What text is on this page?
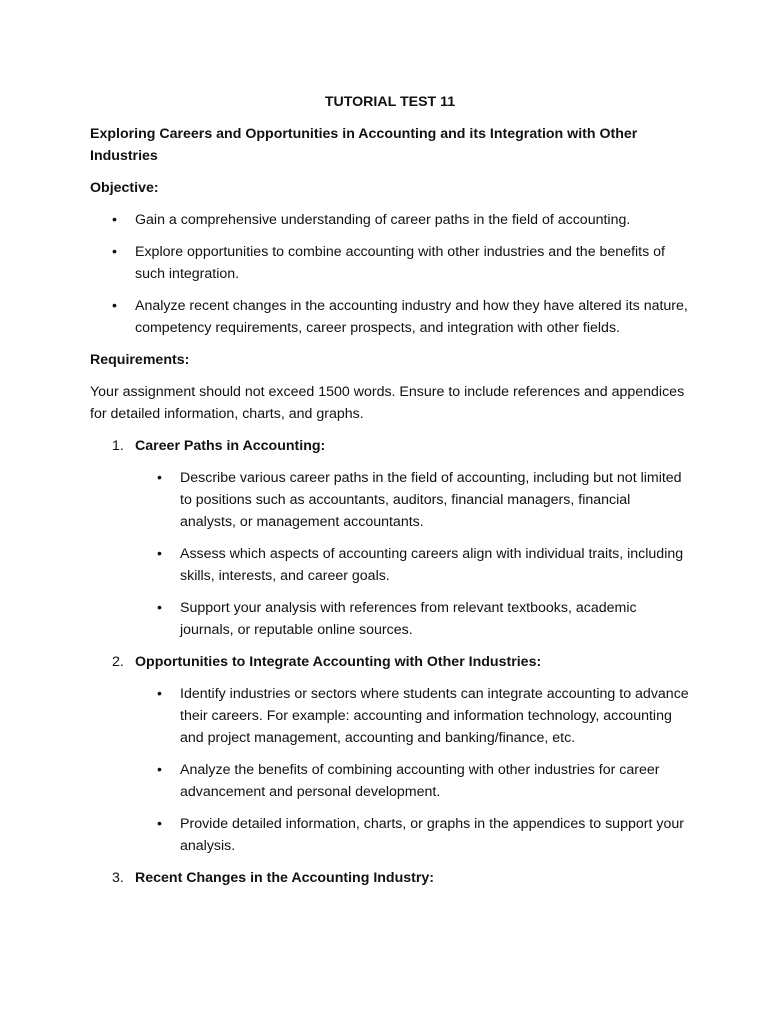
TUTORIAL TEST 11
Exploring Careers and Opportunities in Accounting and its Integration with Other Industries
Objective:
• Gain a comprehensive understanding of career paths in the field of accounting.
• Explore opportunities to combine accounting with other industries and the benefits of such integration.
• Analyze recent changes in the accounting industry and how they have altered its nature, competency requirements, career prospects, and integration with other fields.
Requirements:

Your assignment should not exceed 1500 words. Ensure to include references and appendices for detailed information, charts, and graphs.

1. Career Paths in Accounting:
• Describe various career paths in the field of accounting, including but not limited to positions such as accountants, auditors, financial managers, financial analysts, or management accountants.
• Assess which aspects of accounting careers align with individual traits, including skills, interests, and career goals.
• Support your analysis with references from relevant textbooks, academic journals, or reputable online sources.
2. Opportunities to Integrate Accounting with Other Industries:
• Identify industries or sectors where students can integrate accounting to advance their careers. For example: accounting and information technology, accounting and project management, accounting and banking/finance, etc.
• Analyze the benefits of combining accounting with other industries for career advancement and personal development.
• Provide detailed information, charts, or graphs in the appendices to support your analysis.
3. Recent Changes in the Accounting Industry:
